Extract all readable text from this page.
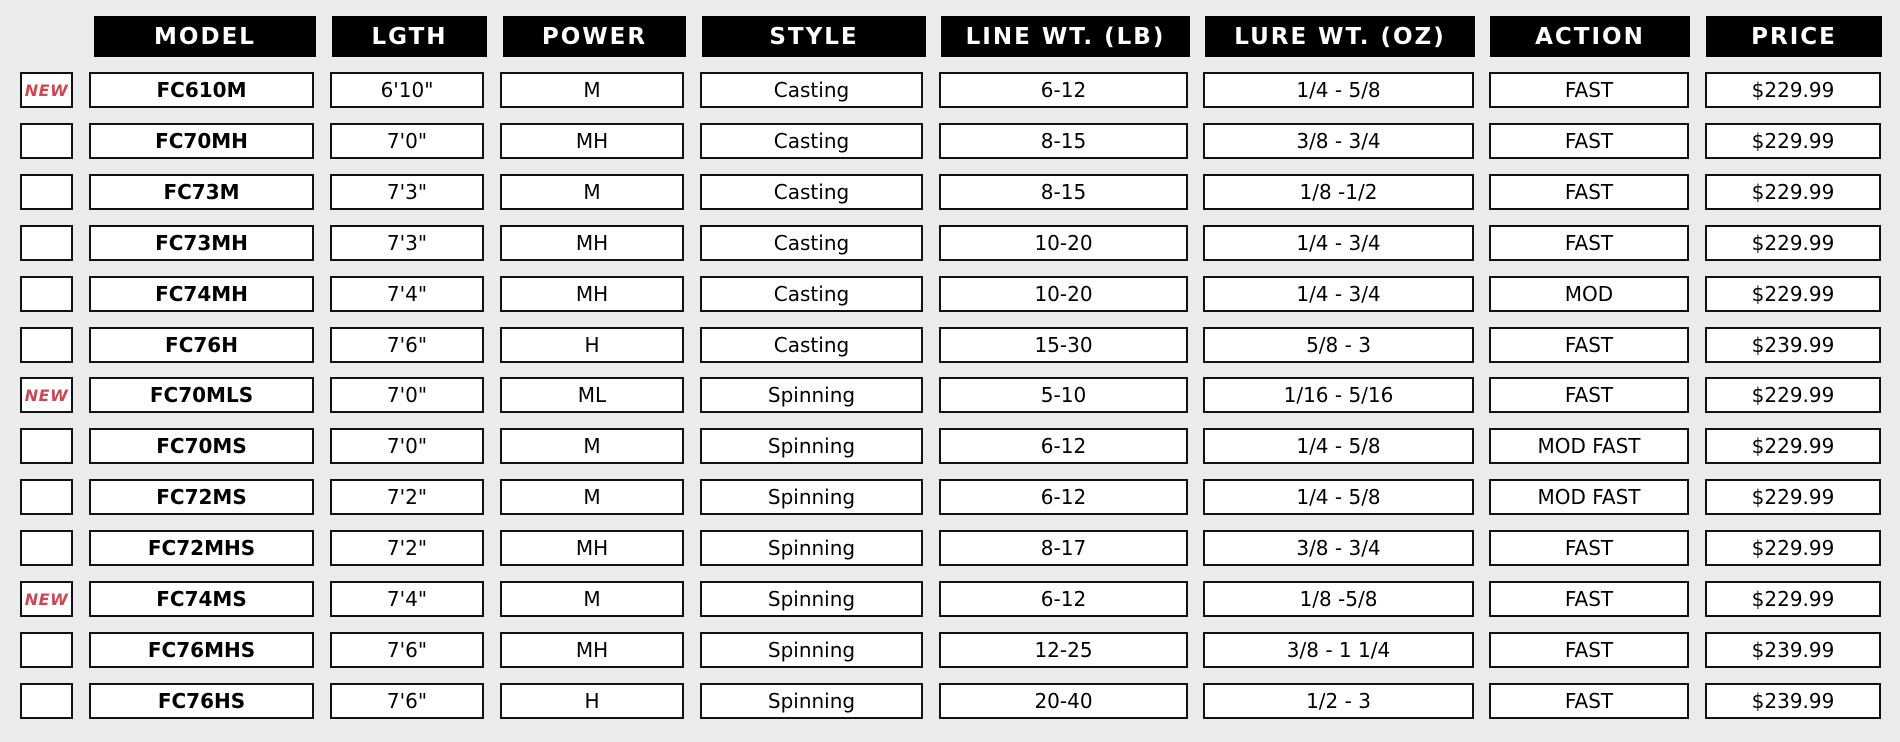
MODEL	LGTH	POWER	STYLE	LINE WT. (LB)	LURE WT. (OZ)	ACTION	PRICE
NEW	FC610M	6'10"	M	Casting	6-12	1/4 - 5/8	FAST	$229.99
FC70MH	7'0"	MH	Casting	8-15	3/8 - 3/4	FAST	$229.99
FC73M	7'3"	M	Casting	8-15	1/8 -1/2	FAST	$229.99
FC73MH	7'3"	MH	Casting	10-20	1/4 - 3/4	FAST	$229.99
FC74MH	7'4"	MH	Casting	10-20	1/4 - 3/4	MOD	$229.99
FC76H	7'6"	H	Casting	15-30	5/8 - 3	FAST	$239.99
NEW	FC70MLS	7'0"	ML	Spinning	5-10	1/16 - 5/16	FAST	$229.99
FC70MS	7'0"	M	Spinning	6-12	1/4 - 5/8	MOD FAST	$229.99
FC72MS	7'2"	M	Spinning	6-12	1/4 - 5/8	MOD FAST	$229.99
FC72MHS	7'2"	MH	Spinning	8-17	3/8 - 3/4	FAST	$229.99
NEW	FC74MS	7'4"	M	Spinning	6-12	1/8 -5/8	FAST	$229.99
FC76MHS	7'6"	MH	Spinning	12-25	3/8 - 1 1/4	FAST	$239.99
FC76HS	7'6"	H	Spinning	20-40	1/2 - 3	FAST	$239.99
